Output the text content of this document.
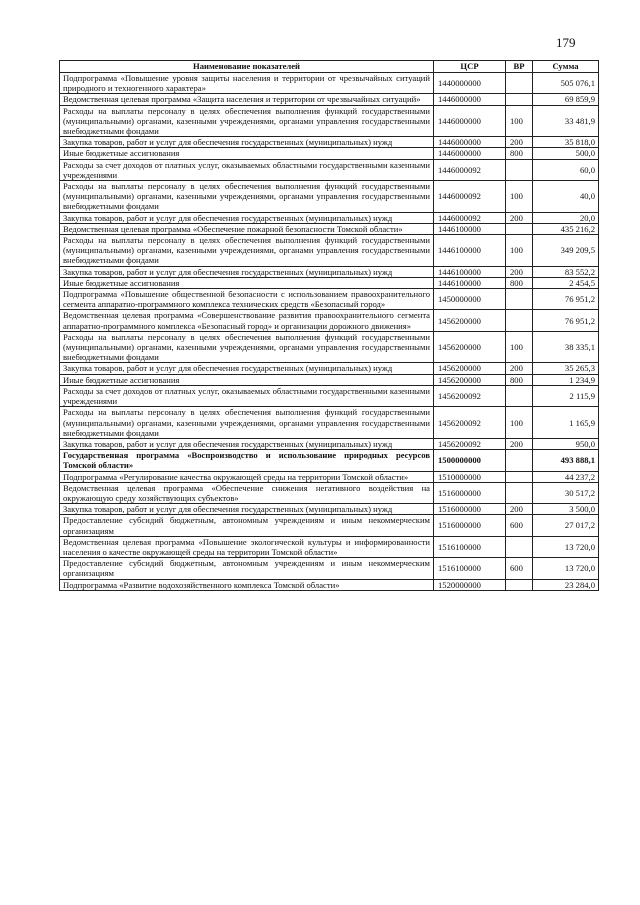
179
Наименование показателей	ЦСР	ВР	Сумма
Подпрограмма «Повышение уровня защиты населения и территории от чрезвычайных ситуаций природного и техногенного характера»	1440000000		505 076,1
Ведомственная целевая программа «Защита населения и территории от чрезвычайных ситуаций»	1446000000		69 859,9
Расходы на выплаты персоналу в целях обеспечения выполнения функций государственными (муниципальными) органами, казенными учреждениями, органами управления государственными внебюджетными фондами	1446000000	100	33 481,9
Закупка товаров, работ и услуг для обеспечения государственных (муниципальных) нужд	1446000000	200	35 818,0
Иные бюджетные ассигнования	1446000000	800	500,0
Расходы за счет доходов от платных услуг, оказываемых областными государственными казенными учреждениями	1446000092		60,0
Расходы на выплаты персоналу в целях обеспечения выполнения функций государственными (муниципальными) органами, казенными учреждениями, органами управления государственными внебюджетными фондами	1446000092	100	40,0
Закупка товаров, работ и услуг для обеспечения государственных (муниципальных) нужд	1446000092	200	20,0
Ведомственная целевая программа «Обеспечение пожарной безопасности Томской области»	1446100000		435 216,2
Расходы на выплаты персоналу в целях обеспечения выполнения функций государственными (муниципальными) органами, казенными учреждениями, органами управления государственными внебюджетными фондами	1446100000	100	349 209,5
Закупка товаров, работ и услуг для обеспечения государственных (муниципальных) нужд	1446100000	200	83 552,2
Иные бюджетные ассигнования	1446100000	800	2 454,5
Подпрограмма «Повышение общественной безопасности с использованием правоохранительного сегмента аппаратно-программного комплекса технических средств «Безопасный город»	1450000000		76 951,2
Ведомственная целевая программа «Совершенствование развития правоохранительного сегмента аппаратно-программного комплекса «Безопасный город» и организации дорожного движения»	1456200000		76 951,2
Расходы на выплаты персоналу в целях обеспечения выполнения функций государственными (муниципальными) органами, казенными учреждениями, органами управления государственными внебюджетными фондами	1456200000	100	38 335,1
Закупка товаров, работ и услуг для обеспечения государственных (муниципальных) нужд	1456200000	200	35 265,3
Иные бюджетные ассигнования	1456200000	800	1 234,9
Расходы за счет доходов от платных услуг, оказываемых областными государственными казенными учреждениями	1456200092		2 115,9
Расходы на выплаты персоналу в целях обеспечения выполнения функций государственными (муниципальными) органами, казенными учреждениями, органами управления государственными внебюджетными фондами	1456200092	100	1 165,9
Закупка товаров, работ и услуг для обеспечения государственных (муниципальных) нужд	1456200092	200	950,0
Государственная программа «Воспроизводство и использование природных ресурсов Томской области»	1500000000		493 888,1
Подпрограмма «Регулирование качества окружающей среды на территории Томской области»	1510000000		44 237,2
Ведомственная целевая программа «Обеспечение снижения негативного воздействия на окружающую среду хозяйствующих субъектов»	1516000000		30 517,2
Закупка товаров, работ и услуг для обеспечения государственных (муниципальных) нужд	1516000000	200	3 500,0
Предоставление субсидий бюджетным, автономным учреждениям и иным некоммерческим организациям	1516000000	600	27 017,2
Ведомственная целевая программа «Повышение экологической культуры и информированности населения о качестве окружающей среды на территории Томской области»	1516100000		13 720,0
Предоставление субсидий бюджетным, автономным учреждениям и иным некоммерческим организациям	1516100000	600	13 720,0
Подпрограмма «Развитие водохозяйственного комплекса Томской области»	1520000000		23 284,0
